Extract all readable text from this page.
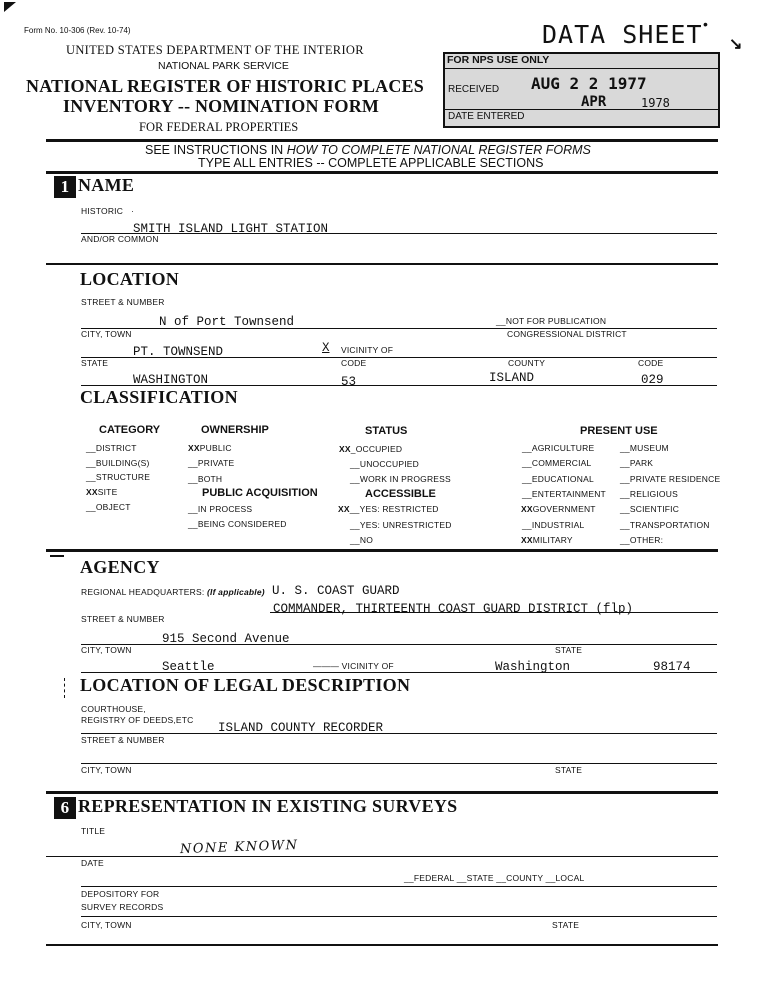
Form No. 10-306 (Rev. 10-74)
UNITED STATES DEPARTMENT OF THE INTERIOR
NATIONAL PARK SERVICE
NATIONAL REGISTER OF HISTORIC PLACES
INVENTORY -- NOMINATION FORM
FOR FEDERAL PROPERTIES
DATA SHEET •
↘
FOR NPS USE ONLY
RECEIVED AUG 2 2 1977
APR	1978
DATE ENTERED
SEE INSTRUCTIONS IN HOW TO COMPLETE NATIONAL REGISTER FORMS
TYPE ALL ENTRIES -- COMPLETE APPLICABLE SECTIONS
1 NAME
HISTORIC ·
SMITH ISLAND LIGHT STATION
AND/OR COMMON
LOCATION
STREET & NUMBER
N of Port Townsend	__NOT FOR PUBLICATION
CITY, TOWN	CONGRESSIONAL DISTRICT
PT. TOWNSEND	X VICINITY OF
STATE	CODE	COUNTY	CODE
WASHINGTON	53	ISLAND	029
CLASSIFICATION
CATEGORY	OWNERSHIP	STATUS	PRESENT USE
__DISTRICT
__BUILDING(S)
__STRUCTURE
XXSITE
__OBJECT
XXPUBLIC
__PRIVATE
__BOTH
PUBLIC ACQUISITION
__IN PROCESS
__BEING CONSIDERED
XX_OCCUPIED
__UNOCCUPIED
__WORK IN PROGRESS
ACCESSIBLE
XX__YES: RESTRICTED
__YES: UNRESTRICTED
__NO
__AGRICULTURE
__COMMERCIAL
__EDUCATIONAL
__ENTERTAINMENT
XXGOVERNMENT
__INDUSTRIAL
XXMILITARY
__MUSEUM
__PARK
__PRIVATE RESIDENCE
__RELIGIOUS
__SCIENTIFIC
__TRANSPORTATION
__OTHER:
AGENCY
REGIONAL HEADQUARTERS: (If applicable) U. S. COAST GUARD
COMMANDER, THIRTEENTH COAST GUARD DISTRICT (flp)
STREET & NUMBER
915 Second Avenue
CITY, TOWN	STATE
Seattle	——— VICINITY OF	Washington	98174
LOCATION OF LEGAL DESCRIPTION
COURTHOUSE,
REGISTRY OF DEEDS,ETC
ISLAND COUNTY RECORDER
STREET & NUMBER
CITY, TOWN	STATE
6 REPRESENTATION IN EXISTING SURVEYS
TITLE
NONE KNOWN
DATE
__FEDERAL __STATE __COUNTY __LOCAL
DEPOSITORY FOR
SURVEY RECORDS
CITY, TOWN	STATE
